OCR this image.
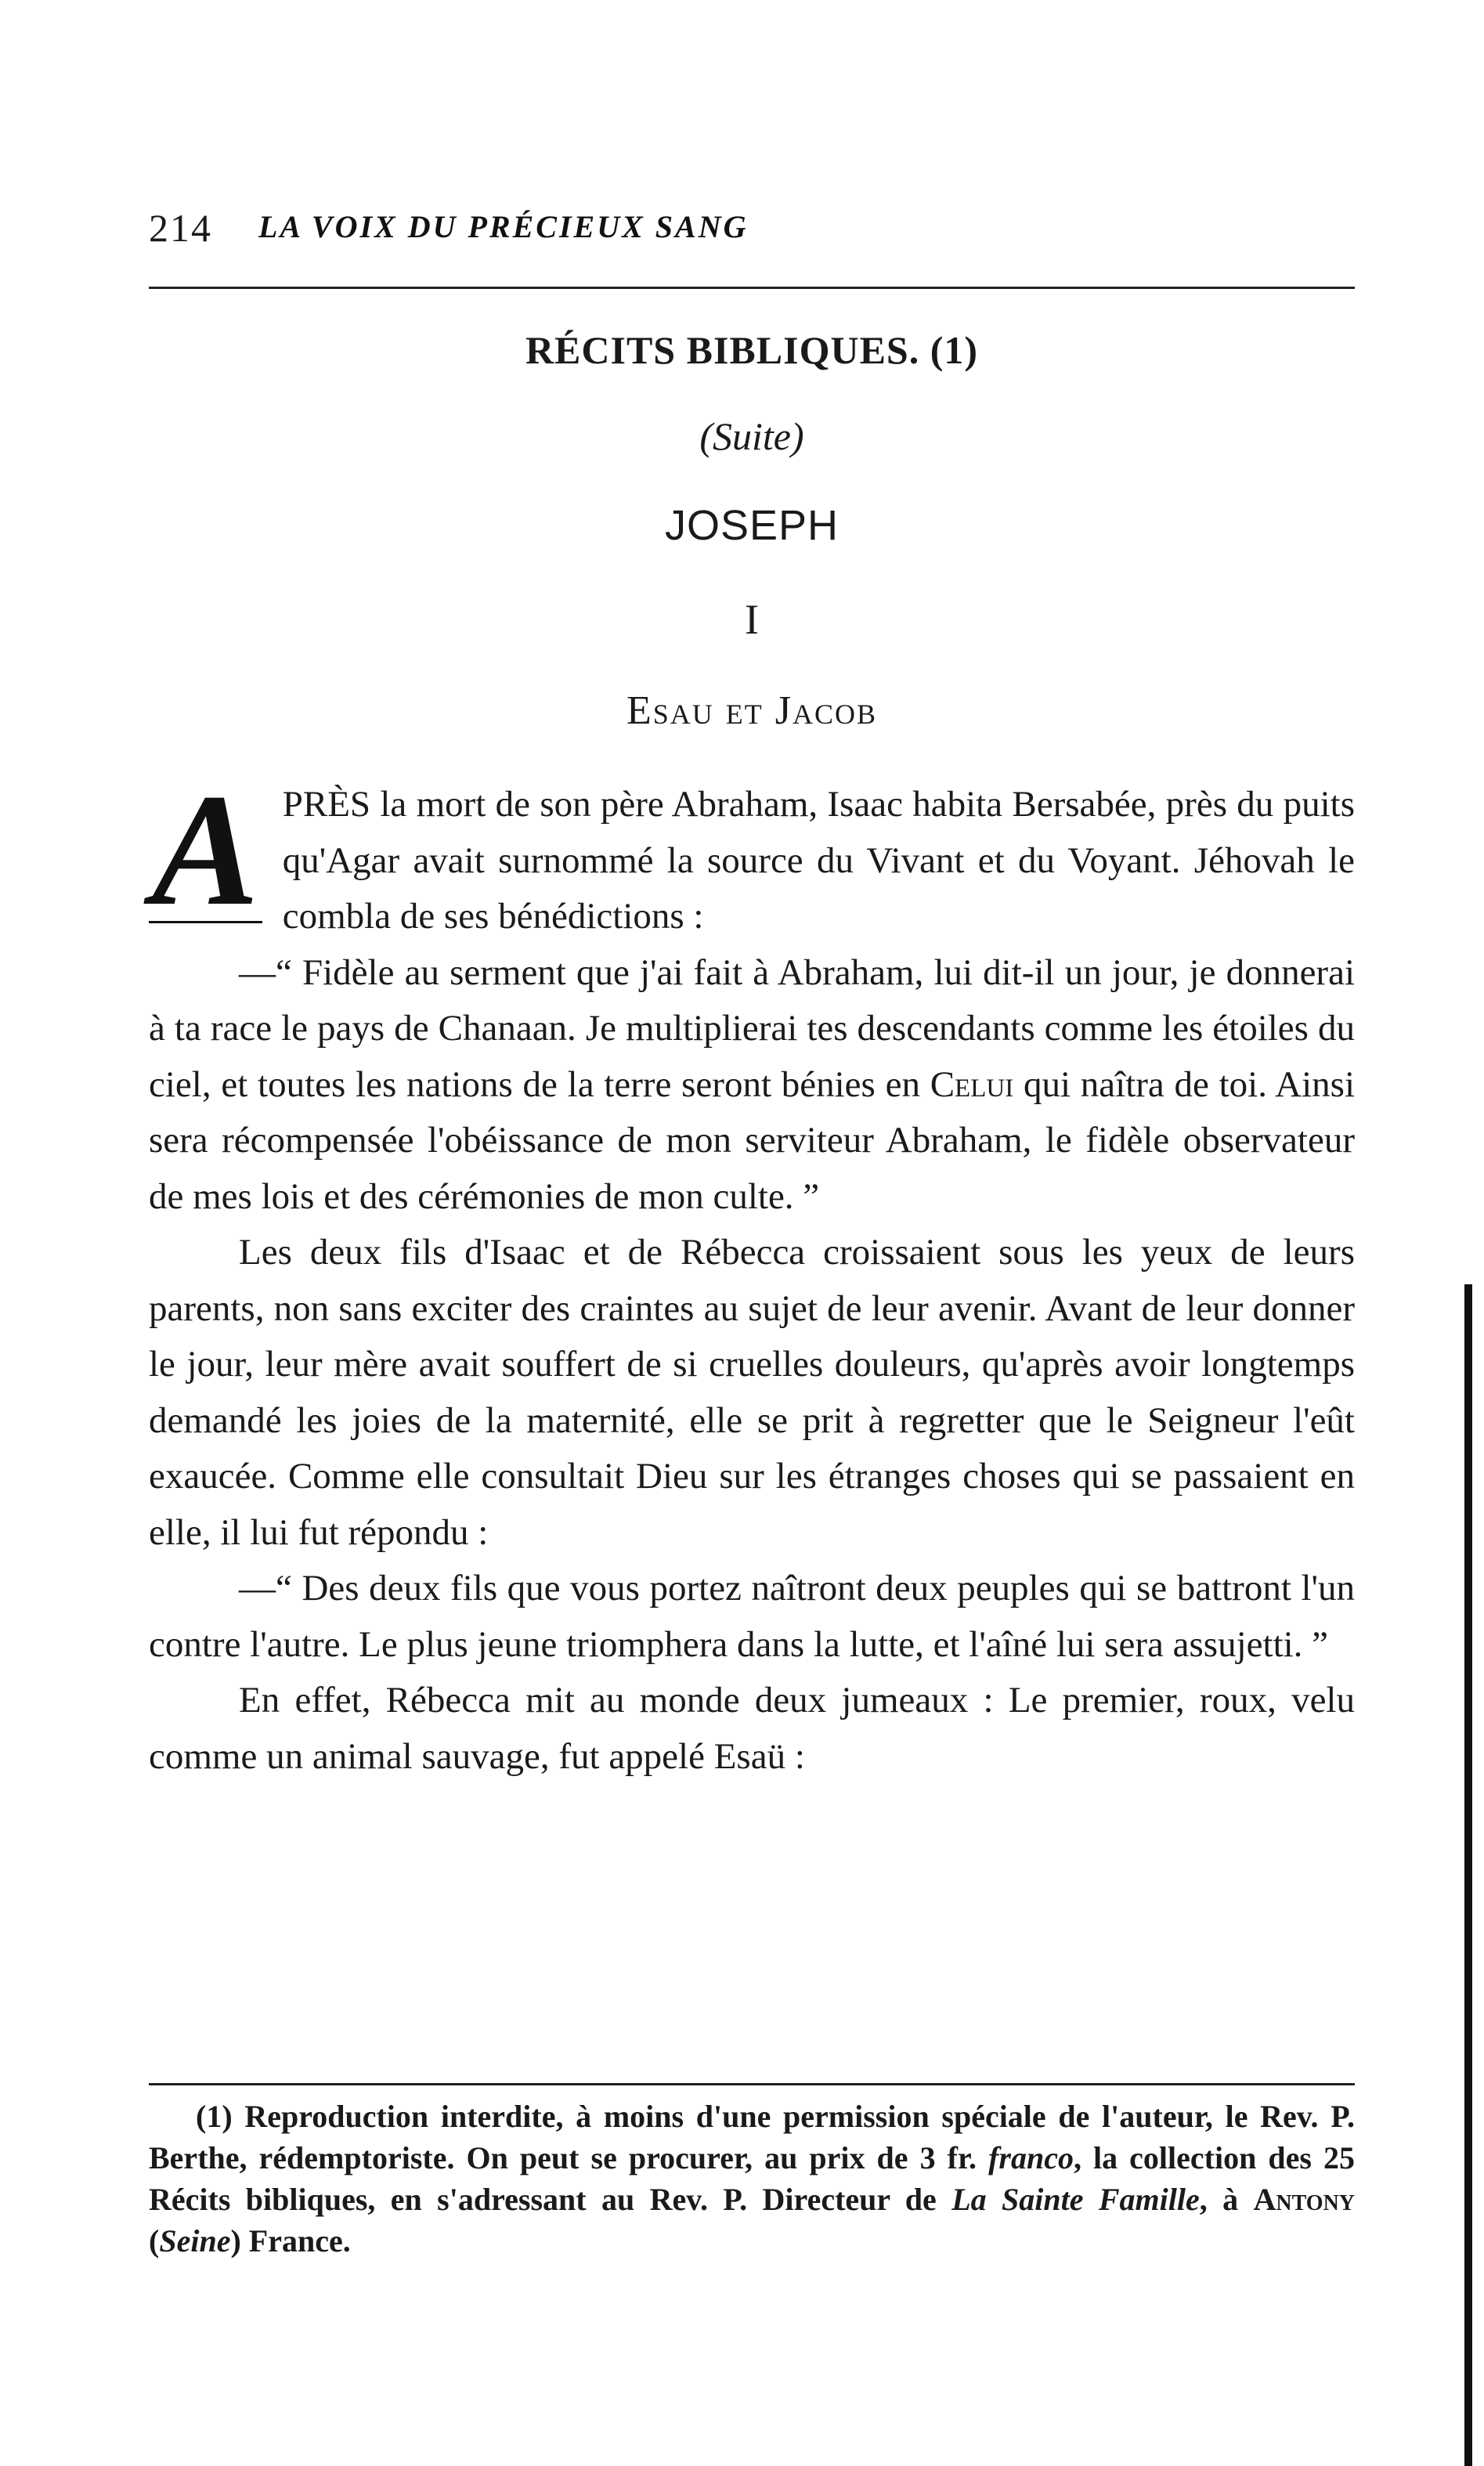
214 LA VOIX DU PRÉCIEUX SANG
RÉCITS BIBLIQUES. (1)
(Suite)
JOSEPH
I
Esau et Jacob

A PRÈS la mort de son père Abraham, Isaac habita Bersabée, près du puits qu'Agar avait surnommé la source du Vivant et du Voyant. Jéhovah le combla de ses bénédictions :

—“ Fidèle au serment que j'ai fait à Abraham, lui dit-il un jour, je donnerai à ta race le pays de Chanaan. Je multiplierai tes descendants comme les étoiles du ciel, et toutes les nations de la terre seront bénies en Celui qui naîtra de toi. Ainsi sera récompensée l'obéissance de mon serviteur Abraham, le fidèle observateur de mes lois et des cérémonies de mon culte. ”

Les deux fils d'Isaac et de Rébecca croissaient sous les yeux de leurs parents, non sans exciter des craintes au sujet de leur avenir. Avant de leur donner le jour, leur mère avait souffert de si cruelles douleurs, qu'après avoir longtemps demandé les joies de la maternité, elle se prit à regretter que le Seigneur l'eût exaucée. Comme elle consultait Dieu sur les étranges choses qui se passaient en elle, il lui fut répondu :

—“ Des deux fils que vous portez naîtront deux peuples qui se battront l'un contre l'autre. Le plus jeune triomphera dans la lutte, et l'aîné lui sera assujetti. ”

En effet, Rébecca mit au monde deux jumeaux : Le premier, roux, velu comme un animal sauvage, fut appelé Esaü :

(1) Reproduction interdite, à moins d'une permission spéciale de l'auteur, le Rev. P. Berthe, rédemptoriste. On peut se procurer, au prix de 3 fr. franco, la collection des 25 Récits bibliques, en s'adressant au Rev. P. Directeur de La Sainte Famille, à Antony (Seine) France.
